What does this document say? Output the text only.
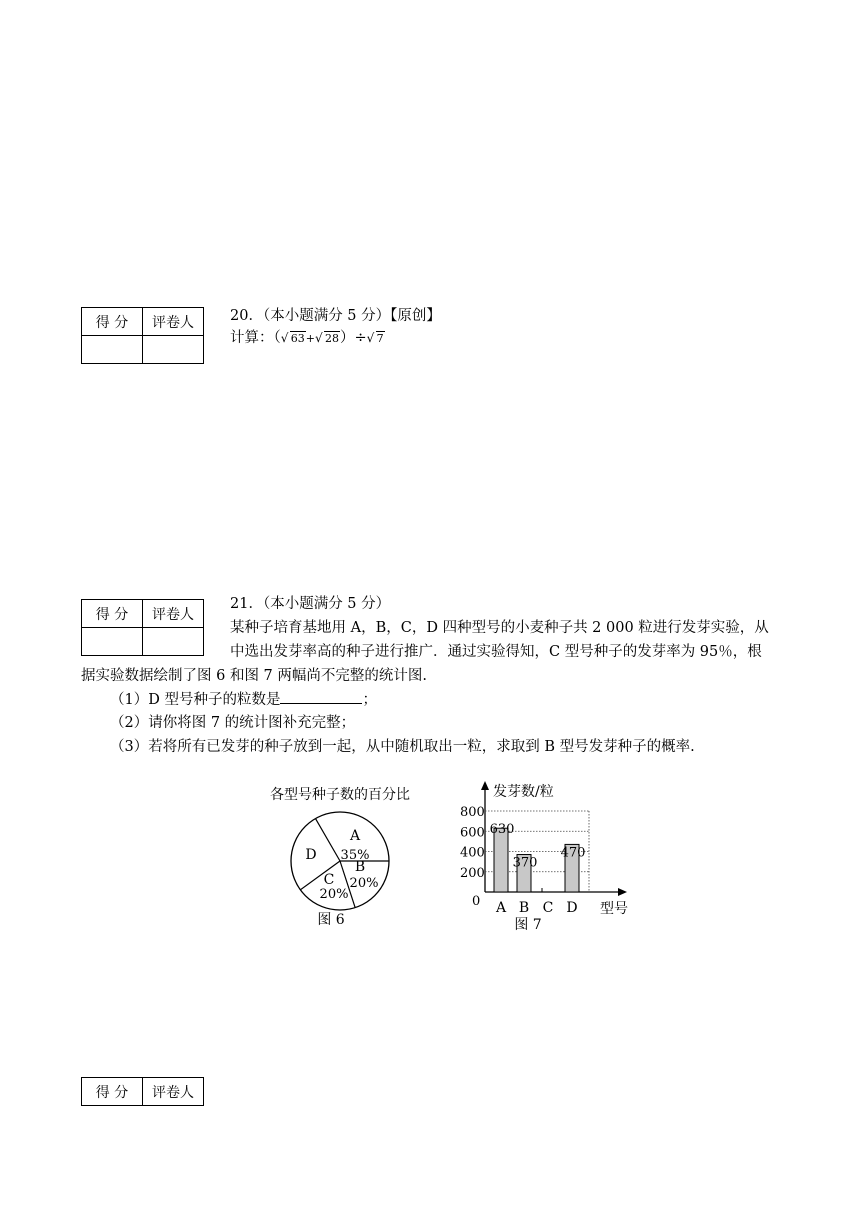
得 分	评卷人
	20．（本小题满分 5 分）【原创】
计算：（ √ 63+ √ 28）÷ √ 7
得 分	评卷人

21．（本小题满分 5 分）
某种子培育基地用 A，B，C，D 四种型号的小麦种子共 2 000 粒进行发芽实验，从
中选出发芽率高的种子进行推广．通过实验得知，C 型号种子的发芽率为 95％，根
据实验数据绘制了图 6 和图 7 两幅尚不完整的统计图.
（1）D 型号种子的粒数是	；
（2）请你将图 7 的统计图补充完整；
（3）若将所有已发芽的种子放到一起，从中随机取出一粒，求取到 B 型号发芽种子的概率.
各型号种子数的百分比
A
35%
B
20%
C
20%
D
图 6
800
600
400
200
0
630
A
370
B C
470
D
发芽数/粒
型号
图 7
得 分	评卷人
